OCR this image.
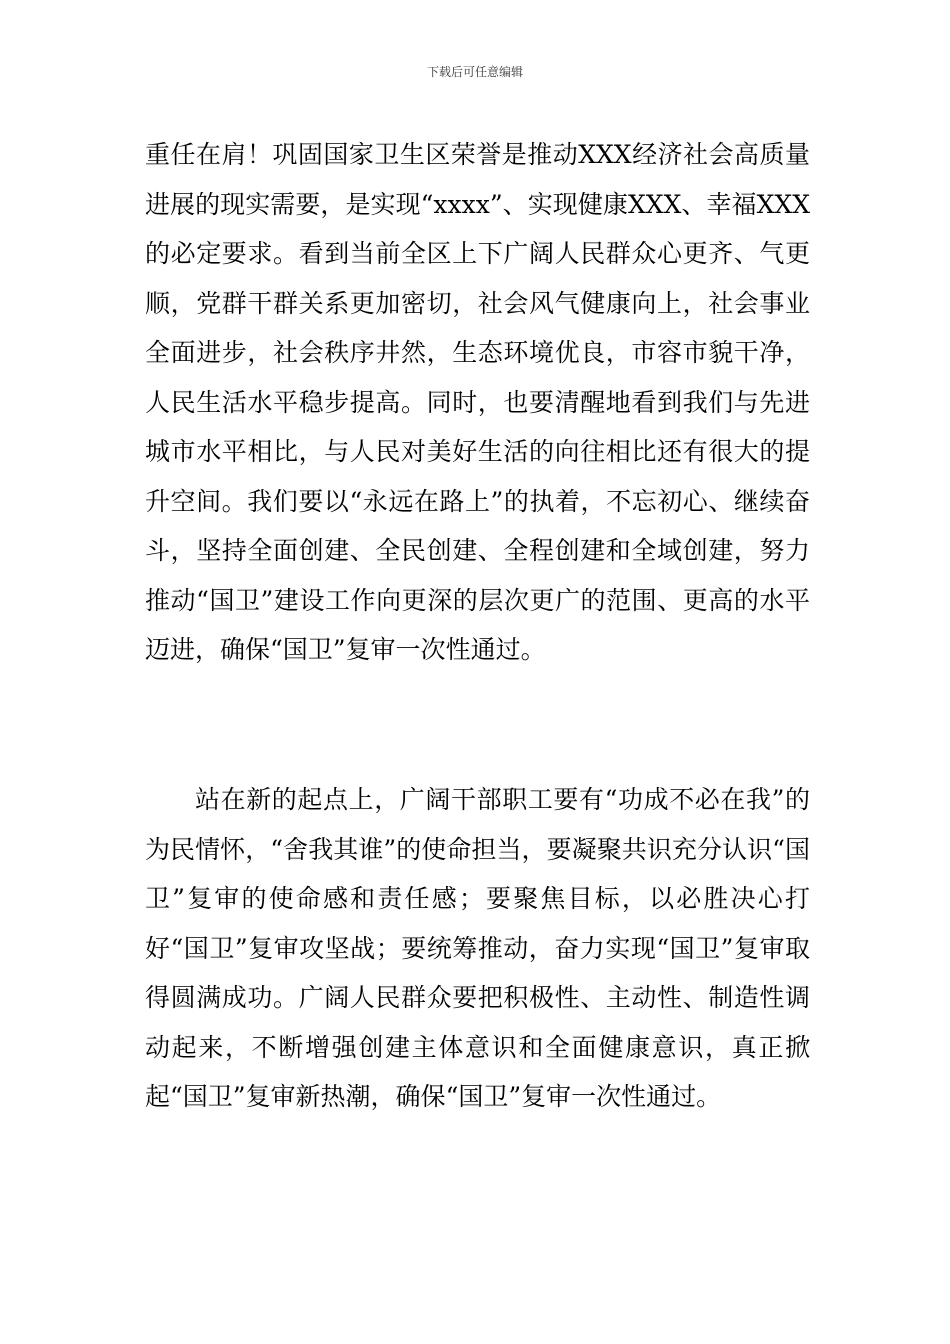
下载后可任意编辑

重任在肩！巩固国家卫生区荣誉是推动XXX经济社会高质量进展的现实需要，是实现“xxxx”、实现健康XXX、幸福XXX的必定要求。看到当前全区上下广阔人民群众心更齐、气更顺，党群干群关系更加密切，社会风气健康向上，社会事业全面进步，社会秩序井然，生态环境优良，市容市貌干净，人民生活水平稳步提高。同时，也要清醒地看到我们与先进城市水平相比，与人民对美好生活的向往相比还有很大的提升空间。我们要以“永远在路上”的执着，不忘初心、继续奋斗，坚持全面创建、全民创建、全程创建和全域创建，努力推动“国卫”建设工作向更深的层次更广的范围、更高的水平迈进，确保“国卫”复审一次性通过。

站在新的起点上，广阔干部职工要有“功成不必在我”的为民情怀，“舍我其谁”的使命担当，要凝聚共识充分认识“国卫”复审的使命感和责任感；要聚焦目标，以必胜决心打好“国卫”复审攻坚战；要统筹推动，奋力实现“国卫”复审取得圆满成功。广阔人民群众要把积极性、主动性、制造性调动起来，不断增强创建主体意识和全面健康意识，真正掀起“国卫”复审新热潮，确保“国卫”复审一次性通过。
